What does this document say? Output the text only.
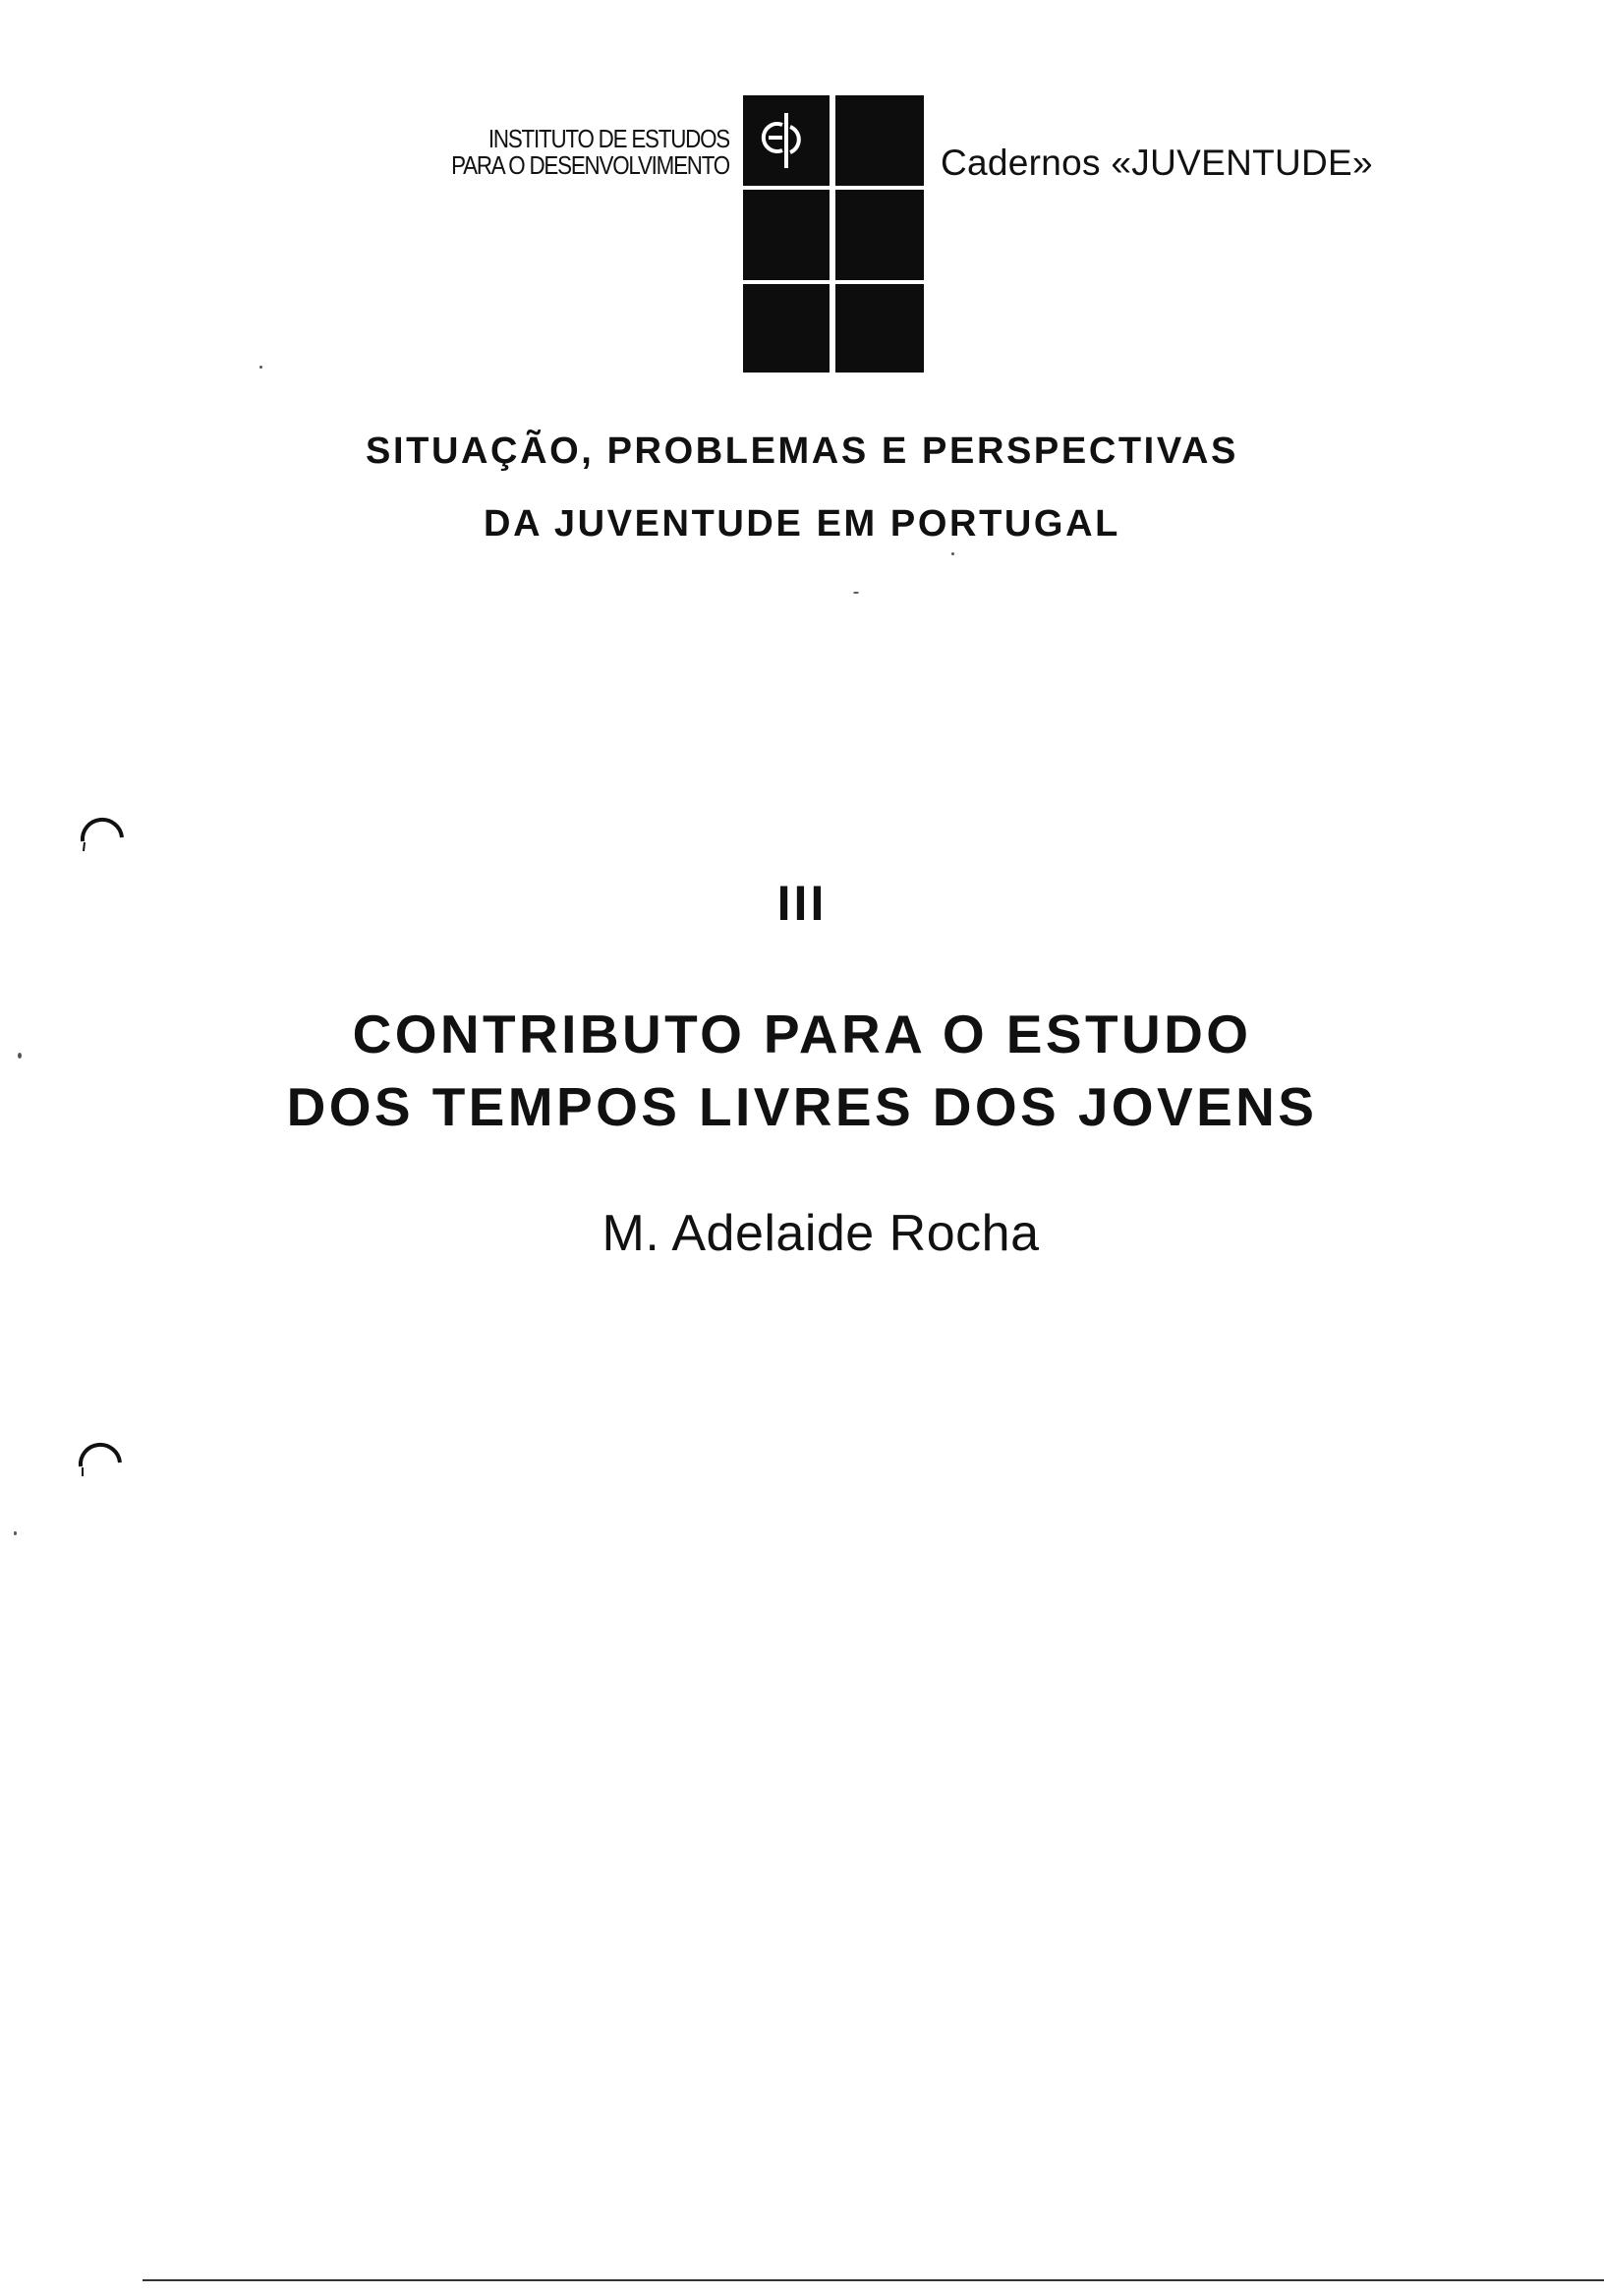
INSTITUTO DE ESTUDOS
PARA O DESENVOLVIMENTO	Cadernos «JUVENTUDE»
SITUAÇÃO, PROBLEMAS E PERSPECTIVAS
DA JUVENTUDE EM PORTUGAL
III
CONTRIBUTO PARA O ESTUDO
DOS TEMPOS LIVRES DOS JOVENS
M. Adelaide Rocha
